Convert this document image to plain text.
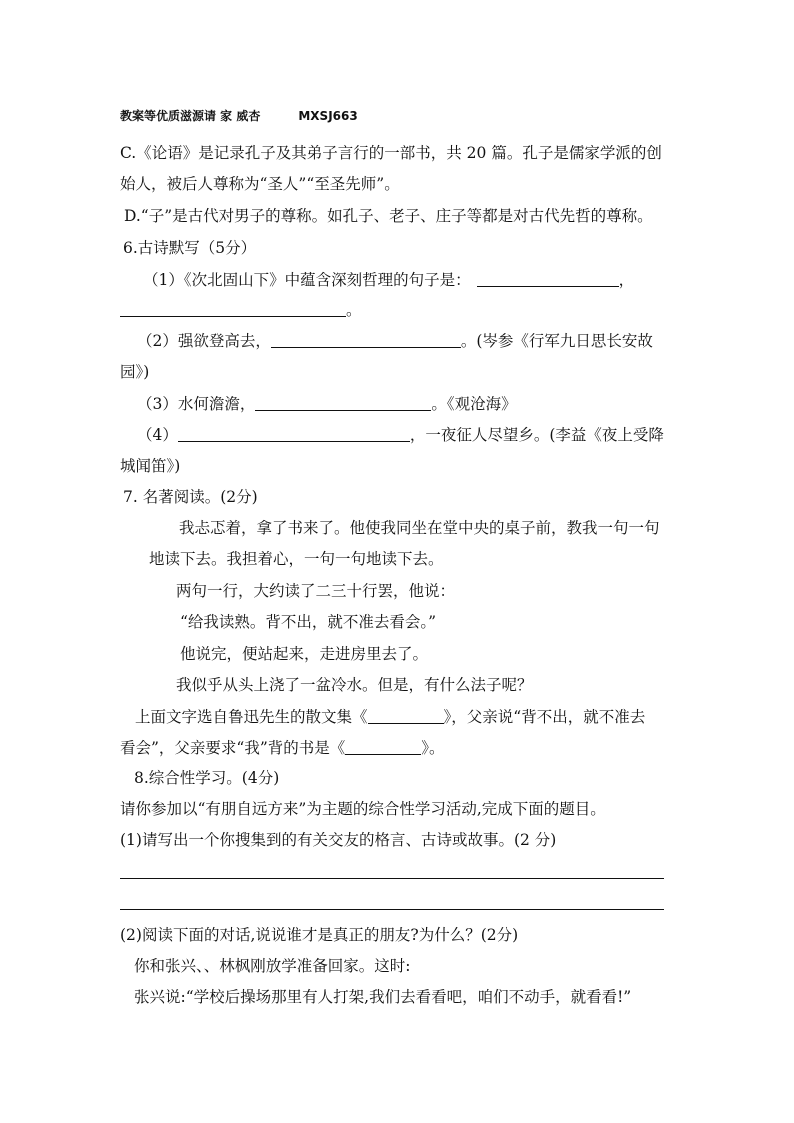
教案等优质滋源请 家 威杏	MXSJ663
C.《论语》是记录孔子及其弟子言行的一部书，共 20 篇。孔子是儒家学派的创
始人，被后人尊称为“圣人”“至圣先师”。
D.“子”是古代对男子的尊称。如孔子、老子、庄子等都是对古代先哲的尊称。
6.古诗默写（5分）
（1）《次北固山下》中蕴含深刻哲理的句子是：	，
。
（2）强欲登高去，	。(岑参《行军九日思长安故
园》)
（3）水何澹澹，	。《观沧海》
（4）	，一夜征人尽望乡。(李益《夜上受降
城闻笛》)
7. 名著阅读。(2分)
我忐忑着，拿了书来了。他使我同坐在堂中央的桌子前，教我一句一句
地读下去。我担着心，一句一句地读下去。
两句一行，大约读了二三十行罢，他说：
“给我读熟。背不出，就不准去看会。”
他说完，便站起来，走进房里去了。
我似乎从头上浇了一盆冷水。但是，有什么法子呢？
上面文字选自鲁迅先生的散文集《	》，父亲说“背不出，就不准去
看会”，父亲要求“我”背的书是《	》。
8.综合性学习。(4分)
请你参加以“有朋自远方来”为主题的综合性学习活动,完成下面的题目。
(1)请写出一个你搜集到的有关交友的格言、古诗或故事。(2 分)
(2)阅读下面的对话,说说谁才是真正的朋友?为什么？(2分)
你和张兴、、林枫刚放学准备回家。这时:
张兴说:“学校后操场那里有人打架,我们去看看吧，咱们不动手，就看看!”
